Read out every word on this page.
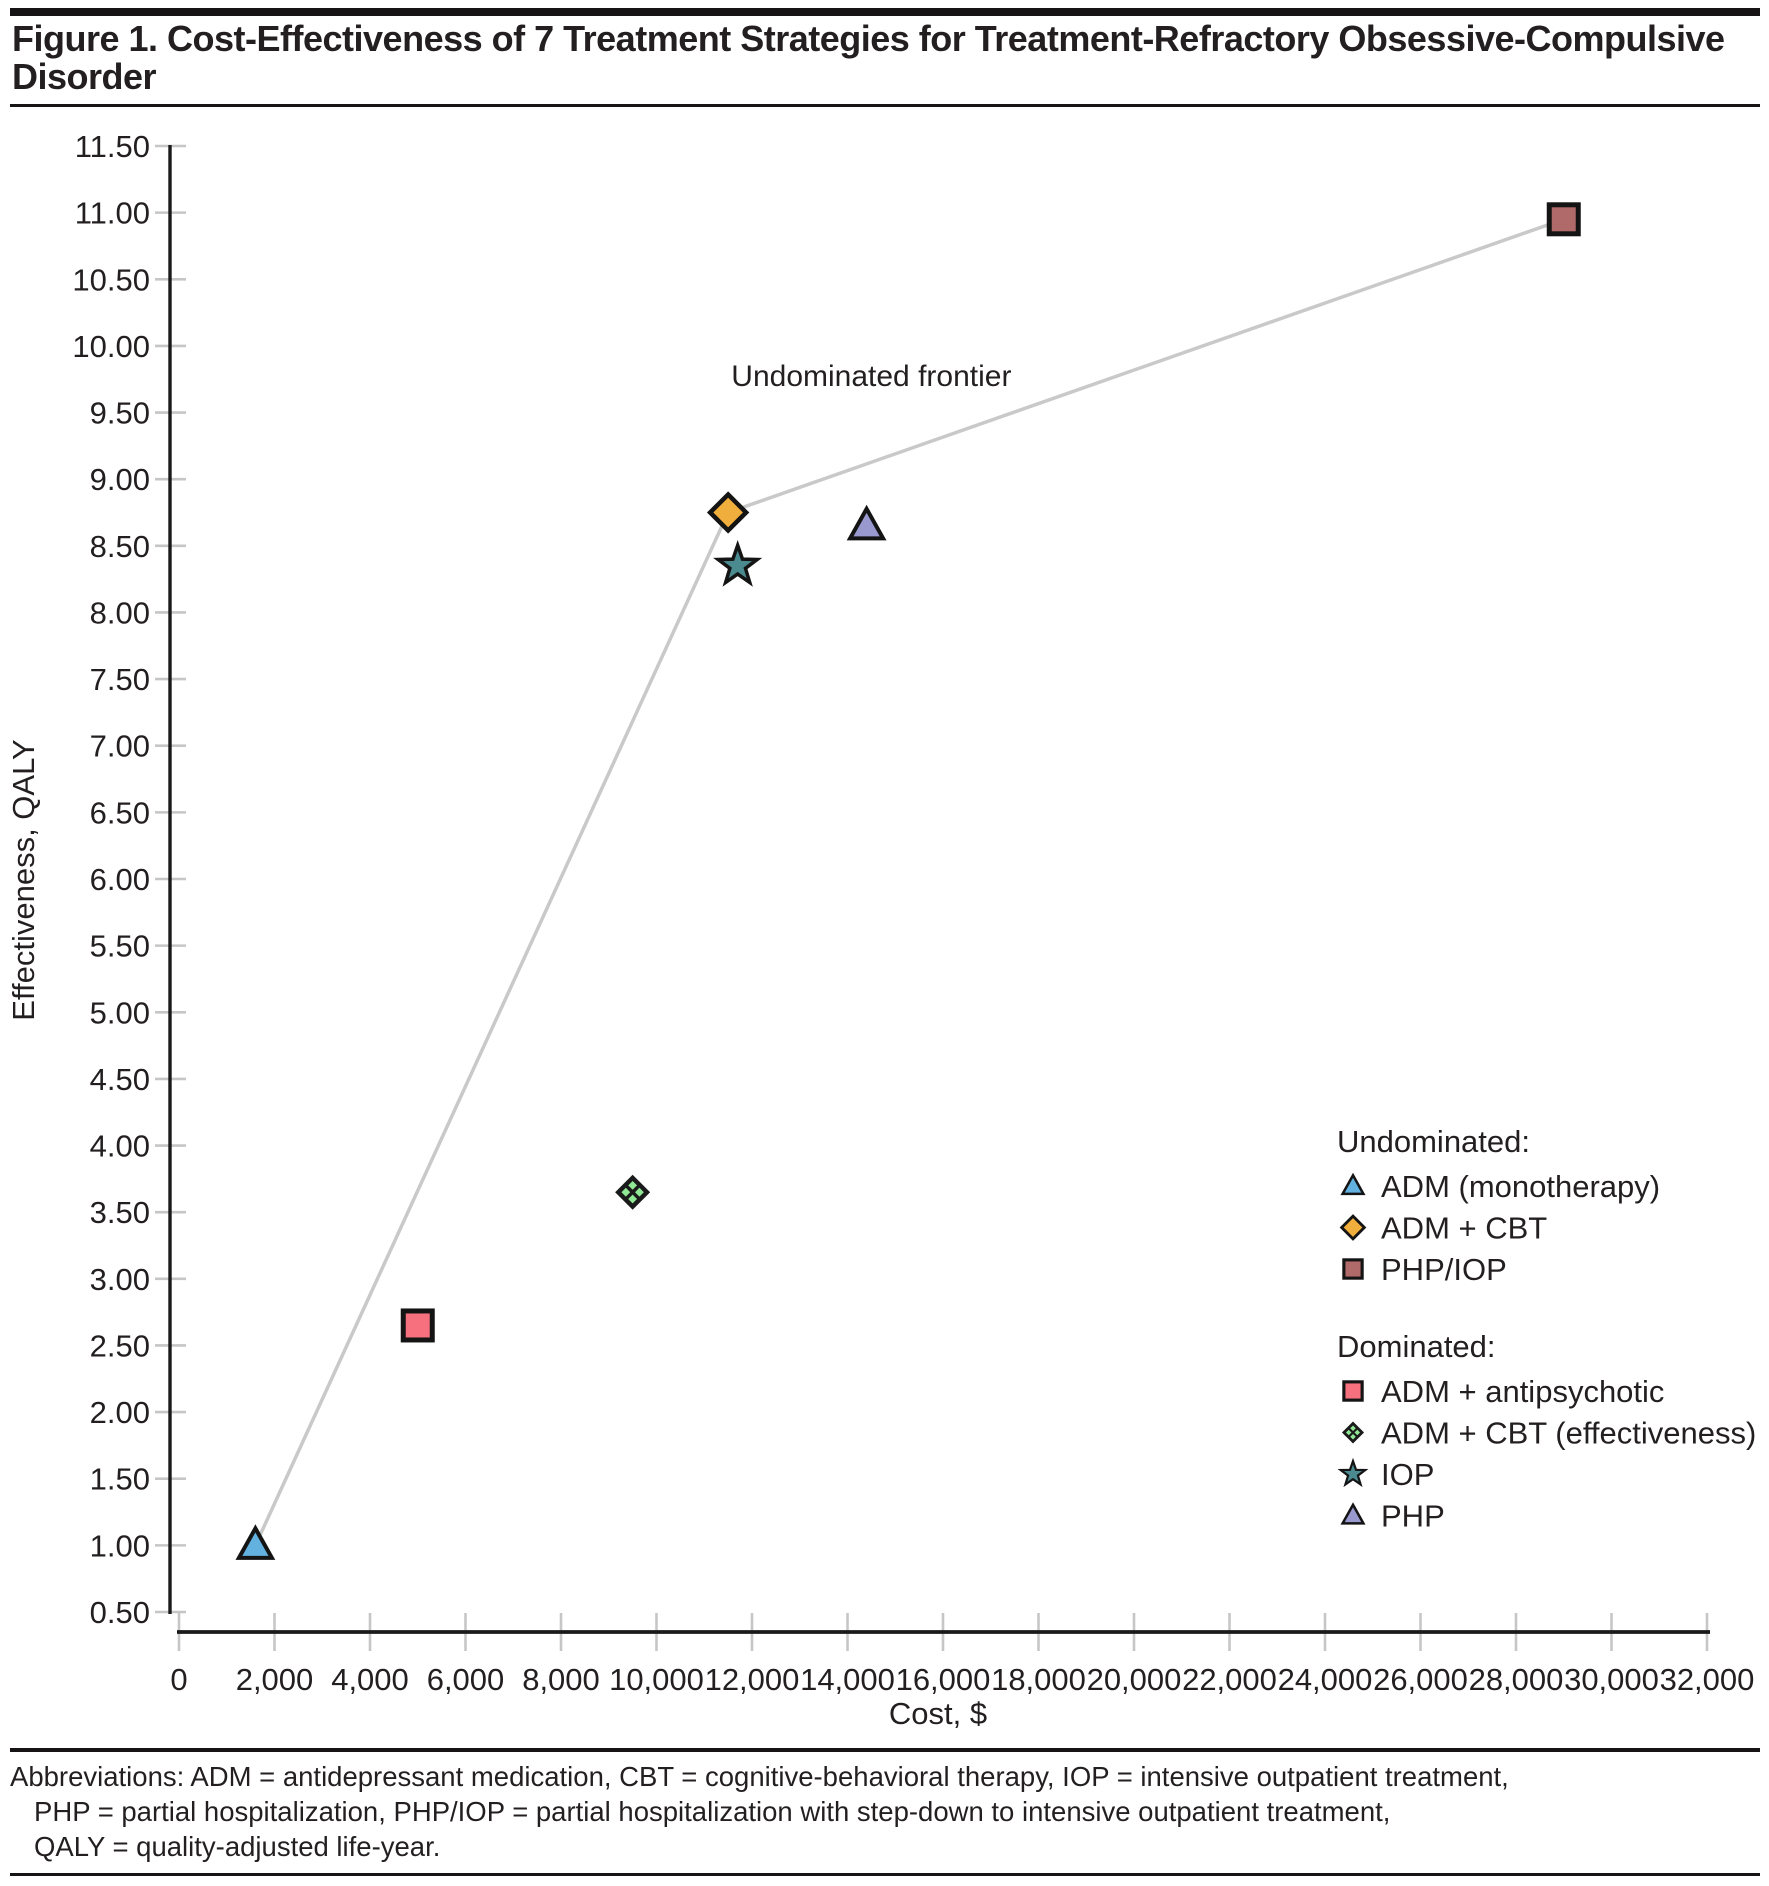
Figure 1. Cost-Effectiveness of 7 Treatment Strategies for Treatment-Refractory Obsessive-Compulsive
Disorder
0.50
1.00
1.50
2.00
2.50
3.00
3.50
4.00
4.50
5.00
5.50
6.00
6.50
7.00
7.50
8.00
8.50
9.00
9.50
10.00
10.50
11.00
11.50
0 2,000 4,000 6,000 8,000 10,000 12,000 14,000 16,000 18,000 20,000 22,000 24,000 26,000 28,000 30,000 32,000
Cost, $
Effectiveness, QALY
Undominated frontier
Undominated:
ADM (monotherapy)
ADM + CBT
PHP/IOP
Dominated:
ADM + antipsychotic
ADM + CBT (effectiveness)
IOP
PHP

Abbreviations: ADM = antidepressant medication, CBT = cognitive-behavioral therapy, IOP = intensive outpatient treatment,

PHP = partial hospitalization, PHP/IOP = partial hospitalization with step-down to intensive outpatient treatment,

QALY = quality-adjusted life-year.
